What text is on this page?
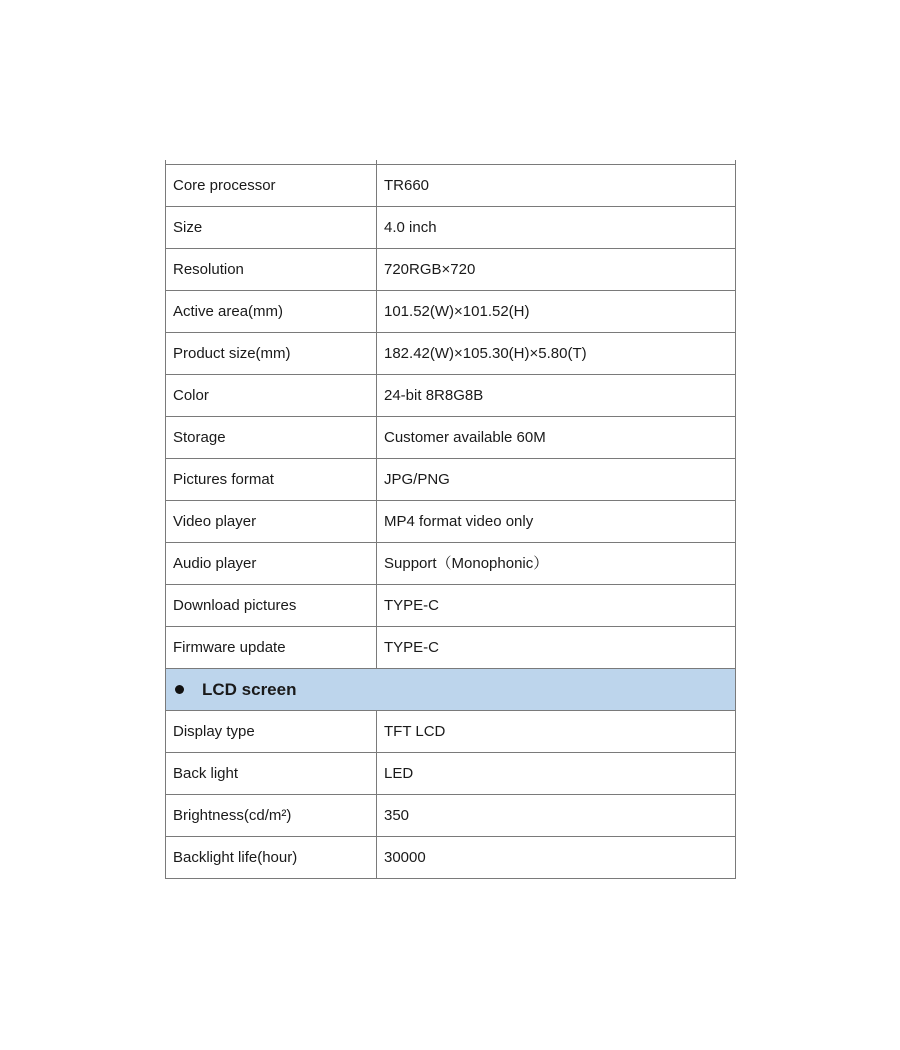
Core processor	TR660
Size	4.0 inch
Resolution	720RGB×720
Active area(mm)	101.52(W)×101.52(H)
Product size(mm)	182.42(W)×105.30(H)×5.80(T)
Color	24-bit 8R8G8B
Storage	Customer available 60M
Pictures format	JPG/PNG
Video player	MP4 format video only
Audio player	Support（Monophonic）
Download pictures	TYPE-C
Firmware update	TYPE-C
LCD screen	
Display type	TFT LCD
Back light	LED
Brightness(cd/m²)	350
Backlight life(hour)	30000
